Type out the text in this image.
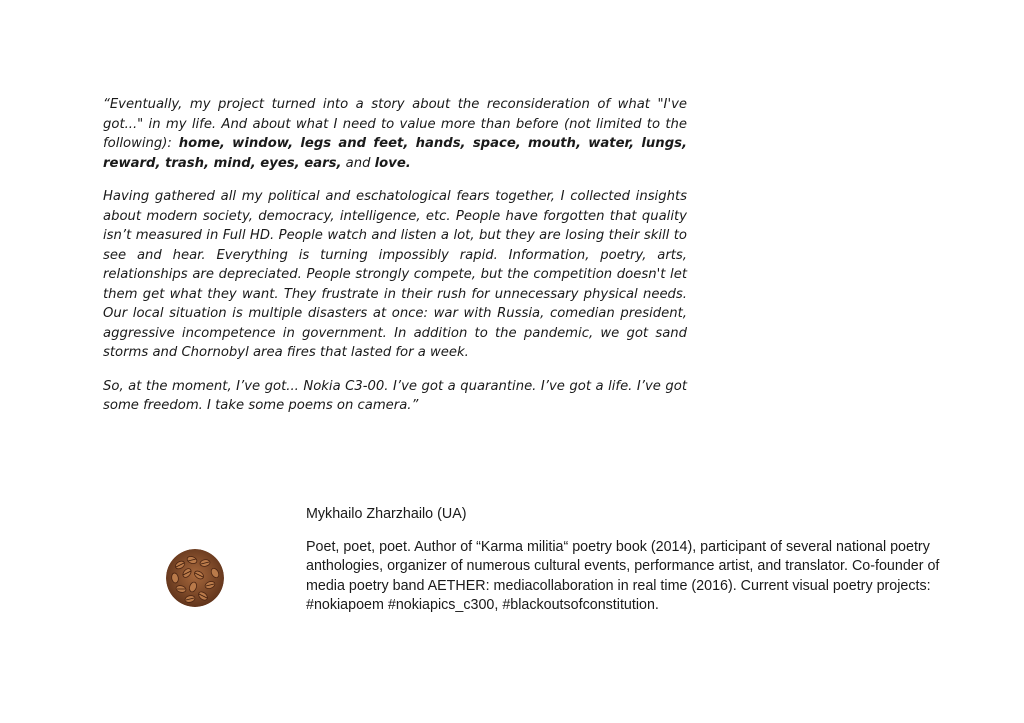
“Eventually, my project turned into a story about the reconsideration of what "I've got..." in my life. And about what I need to value more than before (not limited to the following): home, window, legs and feet, hands, space, mouth, water, lungs, reward, trash, mind, eyes, ears, and love.

Having gathered all my political and eschatological fears together, I collected insights about modern society, democracy, intelligence, etc. People have forgotten that quality isn’t measured in Full HD. People watch and listen a lot, but they are losing their skill to see and hear. Everything is turning impossibly rapid. Information, poetry, arts, relationships are depreciated. People strongly compete, but the competition doesn't let them get what they want. They frustrate in their rush for unnecessary physical needs. Our local situation is multiple disasters at once: war with Russia, comedian president, aggressive incompetence in government. In addition to the pandemic, we got sand storms and Chornobyl area fires that lasted for a week.

So, at the moment, I’ve got... Nokia C3-00. I’ve got a quarantine. I’ve got a life. I’ve got some freedom. I take some poems on camera.”

Mykhailo Zharzhailo (UA)

Poet, poet, poet. Author of “Karma militia“ poetry book (2014), participant of several national poetry anthologies, organizer of numerous cultural events, performance artist, and translator. Co-founder of media poetry band AETHER: mediacollaboration in real time (2016). Current visual poetry projects: #nokiapoem #nokiapics_c300, #blackoutsofconstitution.
